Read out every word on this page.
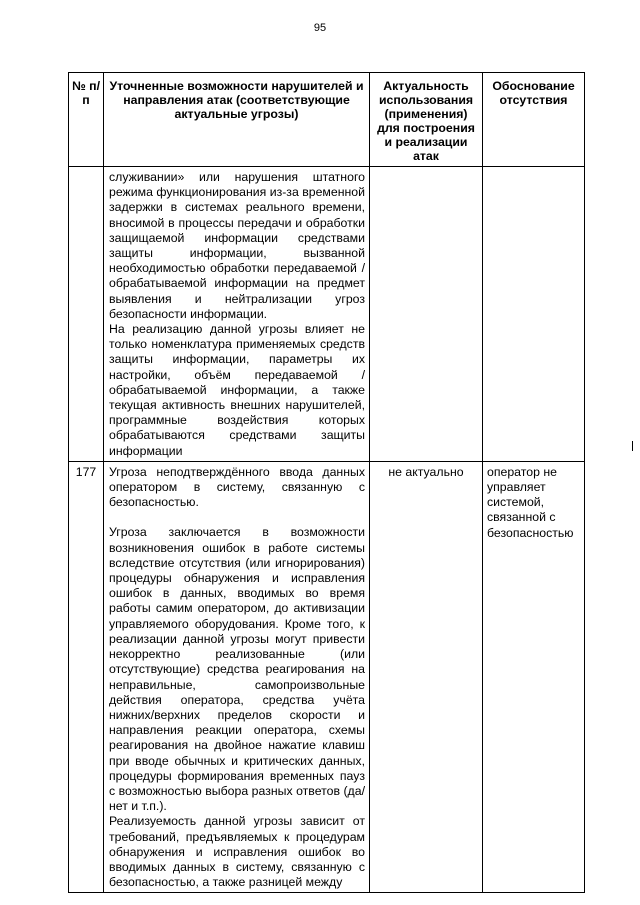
95
№ п/п	Уточненные возможности нарушителей и направления атак (соответствующие актуальные угрозы)	Актуальность использования (применения) для построения и реализации атак	Обоснование отсутствия

	служивании» или нарушения штатного режима функционирования из-за временной задержки в системах реального времени, вносимой в процессы передачи и обработки защищаемой информации средствами защиты информации, вызванной необходимостью обработки передаваемой / обрабатываемой информации на предмет выявления и нейтрализации угроз безопасности информации.

На реализацию данной угрозы влияет не только номенклатура применяемых средств защиты информации, параметры их настройки, объём передаваемой /обрабатываемой информации, а также текущая активность внешних нарушителей, программные воздействия которых обрабатываются средствами защиты информации		

177	Угроза неподтверждённого ввода данных оператором в систему, связанную с безопасностью.

Угроза заключается в возможности возникновения ошибок в работе системы вследствие отсутствия (или игнорирования) процедуры обнаружения и исправления ошибок в данных, вводимых во время работы самим оператором, до активизации управляемого оборудования. Кроме того, к реализации данной угрозы могут привести некорректно реализованные (или отсутствующие) средства реагирования на неправильные, самопроизвольные действия оператора, средства учёта нижних/верхних пределов скорости и направления реакции оператора, схемы реагирования на двойное нажатие клавиш при вводе обычных и критических данных, процедуры формирования временных пауз с возможностью выбора разных ответов (да/нет и т.п.).

Реализуемость данной угрозы зависит от требований, предъявляемых к процедурам обнаружения и исправления ошибок во вводимых данных в систему, связанную с безопасностью, а также разницей между	не актуально	оператор не управляет системой, связанной с безопасностью
